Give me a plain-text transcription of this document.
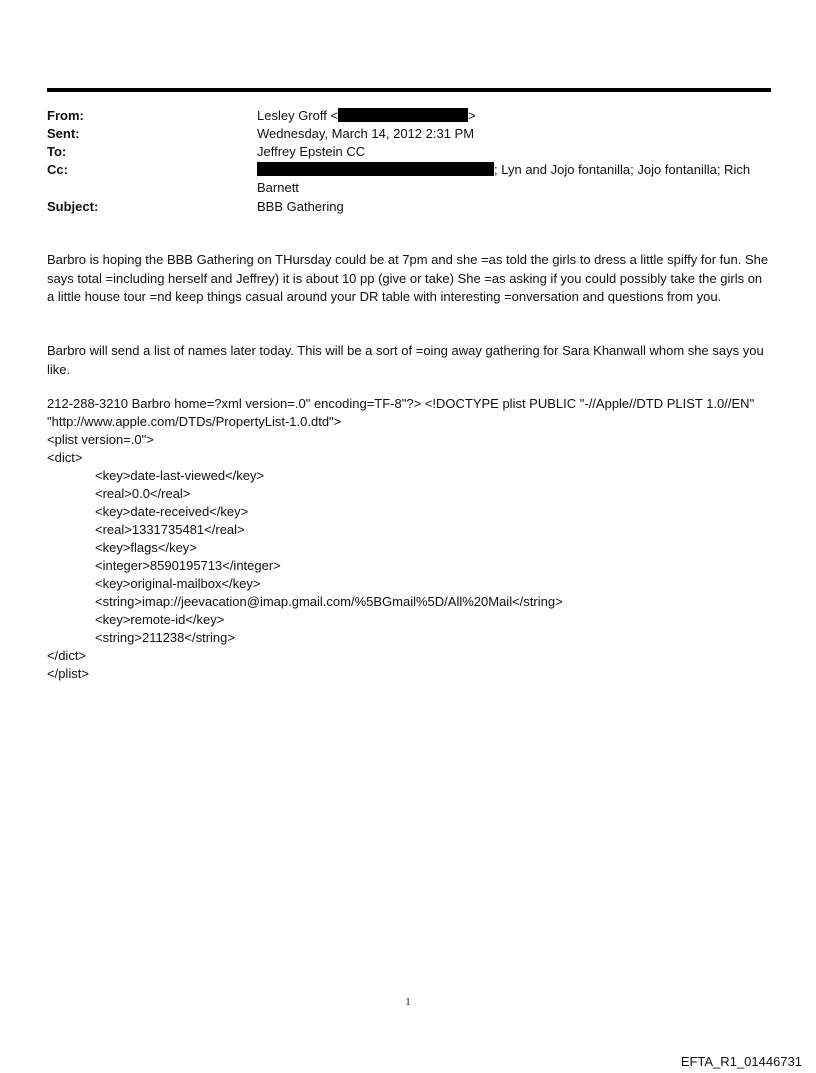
From:	Lesley Groff <	>
Sent:	Wednesday, March 14, 2012 2:31 PM
To:	Jeffrey Epstein CC
Cc:	; Lyn and Jojo fontanilla; Jojo fontanilla; Rich
Barnett
Subject:	BBB Gathering
Barbro is hoping the BBB Gathering on THursday could be at 7pm and she =as told the girls to dress a little spiffy for fun. She says total =including herself and Jeffrey) it is about 10 pp (give or take) She =as asking if you could possibly take the girls on a little house tour =nd keep things casual around your DR table with interesting =onversation and questions from you.
Barbro will send a list of names later today. This will be a sort of =oing away gathering for Sara Khanwall whom she says you like.
212-288-3210 Barbro home=?xml version=.0" encoding=TF-8"?> <!DOCTYPE plist PUBLIC "-//Apple//DTD PLIST 1.0//EN"
"http://www.apple.com/DTDs/PropertyList-1.0.dtd">
<plist version=.0">
<dict>
<key>date-last-viewed</key>
<real>0.0</real>
<key>date-received</key>
<real>1331735481</real>
<key>flags</key>
<integer>8590195713</integer>
<key>original-mailbox</key>
<string>imap://jeevacation@imap.gmail.com/%5BGmail%5D/All%20Mail</string>
<key>remote-id</key>
<string>211238</string>
</dict>
</plist>
1
EFTA_R1_01446731
